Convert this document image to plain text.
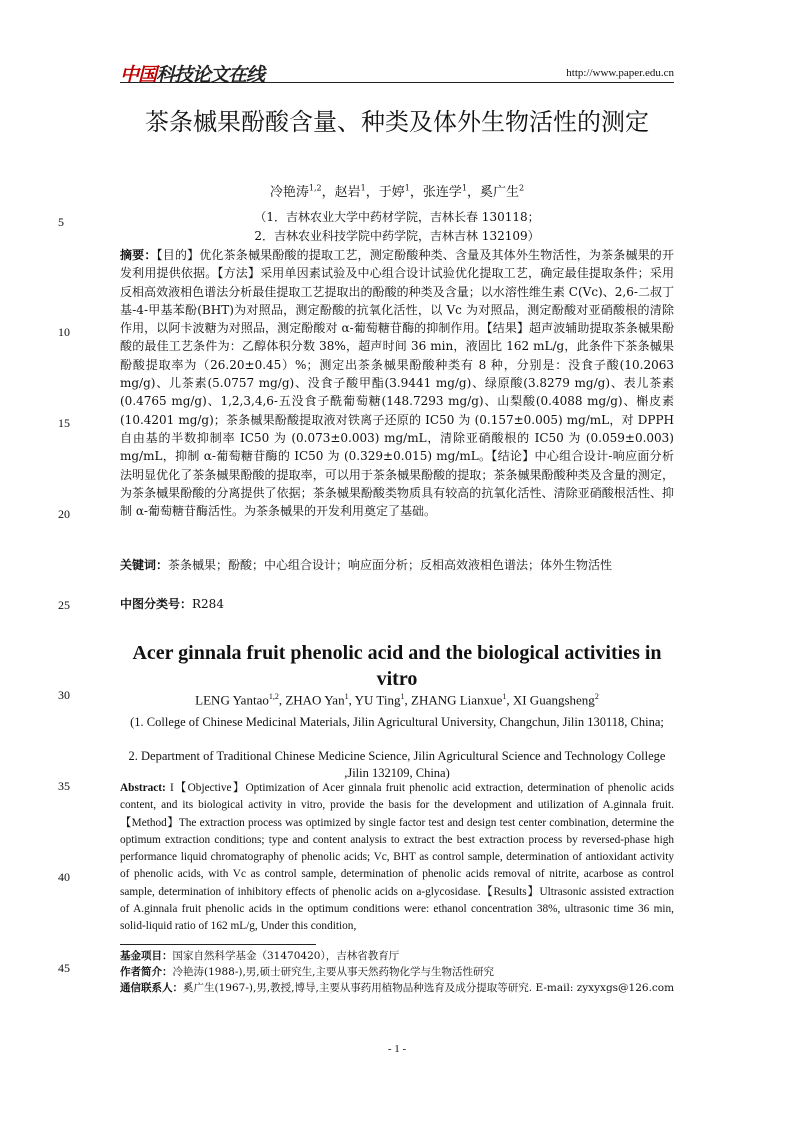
中国科技论文在线	http://www.paper.edu.cn
5
10
15
20
25
30
35
40
45
茶条槭果酚酸含量、种类及体外生物活性的测定
冷艳涛$^{1,2}$，赵岩$^1$，于婷$^1$，张连学$^1$，奚广生$^2$
（1．吉林农业大学中药材学院，吉林长春 130118；
2．吉林农业科技学院中药学院，吉林吉林 132109）
摘要：【目的】优化茶条槭果酚酸的提取工艺，测定酚酸种类、含量及其体外生物活性，为茶条槭果的开发利用提供依据。【方法】采用单因素试验及中心组合设计试验优化提取工艺，确定最佳提取条件；采用反相高效液相色谱法分析最佳提取工艺提取出的酚酸的种类及含量；以水溶性维生素 C(Vc)、2,6-二叔丁基-4-甲基苯酚(BHT)为对照品，测定酚酸的抗氧化活性，以 Vc 为对照品，测定酚酸对亚硝酸根的清除作用，以阿卡波糖为对照品，测定酚酸对 α-葡萄糖苷酶的抑制作用。【结果】超声波辅助提取茶条槭果酚酸的最佳工艺条件为：乙醇体积分数 38%，超声时间 36 min，液固比 162 mL/g，此条件下茶条槭果酚酸提取率为（26.20±0.45）%；测定出茶条槭果酚酸种类有 8 种，分别是：没食子酸(10.2063 mg/g)、儿茶素(5.0757 mg/g)、没食子酸甲酯(3.9441 mg/g)、绿原酸(3.8279 mg/g)、表儿茶素(0.4765 mg/g)、1,2,3,4,6-五没食子酰葡萄糖(148.7293 mg/g)、山梨酸(0.4088 mg/g)、槲皮素(10.4201 mg/g)；茶条槭果酚酸提取液对铁离子还原的 IC50 为 (0.157±0.005) mg/mL，对 DPPH 自由基的半数抑制率 IC50 为 (0.073±0.003) mg/mL，清除亚硝酸根的 IC50 为 (0.059±0.003) mg/mL，抑制 α-葡萄糖苷酶的 IC50 为 (0.329±0.015) mg/mL。【结论】中心组合设计-响应面分析法明显优化了茶条槭果酚酸的提取率，可以用于茶条槭果酚酸的提取；茶条槭果酚酸种类及含量的测定，为茶条槭果酚酸的分离提供了依据；茶条槭果酚酸类物质具有较高的抗氧化活性、清除亚硝酸根活性、抑制 α-葡萄糖苷酶活性。为茶条槭果的开发利用奠定了基础。
关键词：茶条槭果；酚酸；中心组合设计；响应面分析；反相高效液相色谱法；体外生物活性
中图分类号：R284
Acer ginnala fruit phenolic acid and the biological activities in vitro
LENG Yantao$^{1,2}$, ZHAO Yan$^1$, YU Ting$^1$, ZHANG Lianxue$^1$, XI Guangsheng$^2$
(1. College of Chinese Medicinal Materials, Jilin Agricultural University, Changchun, Jilin 130118, China;
2. Department of Traditional Chinese Medicine Science, Jilin Agricultural Science and Technology College ,Jilin 132109, China)
Abstract: I【Objective】Optimization of Acer ginnala fruit phenolic acid extraction, determination of phenolic acids content, and its biological activity in vitro, provide the basis for the development and utilization of A.ginnala fruit.【Method】The extraction process was optimized by single factor test and design test center combination, determine the optimum extraction conditions; type and content analysis to extract the best extraction process by reversed-phase high performance liquid chromatography of phenolic acids; Vc, BHT as control sample, determination of antioxidant activity of phenolic acids, with Vc as control sample, determination of phenolic acids removal of nitrite, acarbose as control sample, determination of inhibitory effects of phenolic acids on a-glycosidase.【Results】Ultrasonic assisted extraction of A.ginnala fruit phenolic acids in the optimum conditions were: ethanol concentration 38%, ultrasonic time 36 min, solid-liquid ratio of 162 mL/g, Under this condition,
基金项目：国家自然科学基金（31470420），吉林省教育厅
作者简介：冷艳涛(1988-),男,硕士研究生,主要从事天然药物化学与生物活性研究
通信联系人：奚广生(1967-),男,教授,博导,主要从事药用植物品种选育及成分提取等研究. E-mail: zyxyxgs@126.com
- 1 -
